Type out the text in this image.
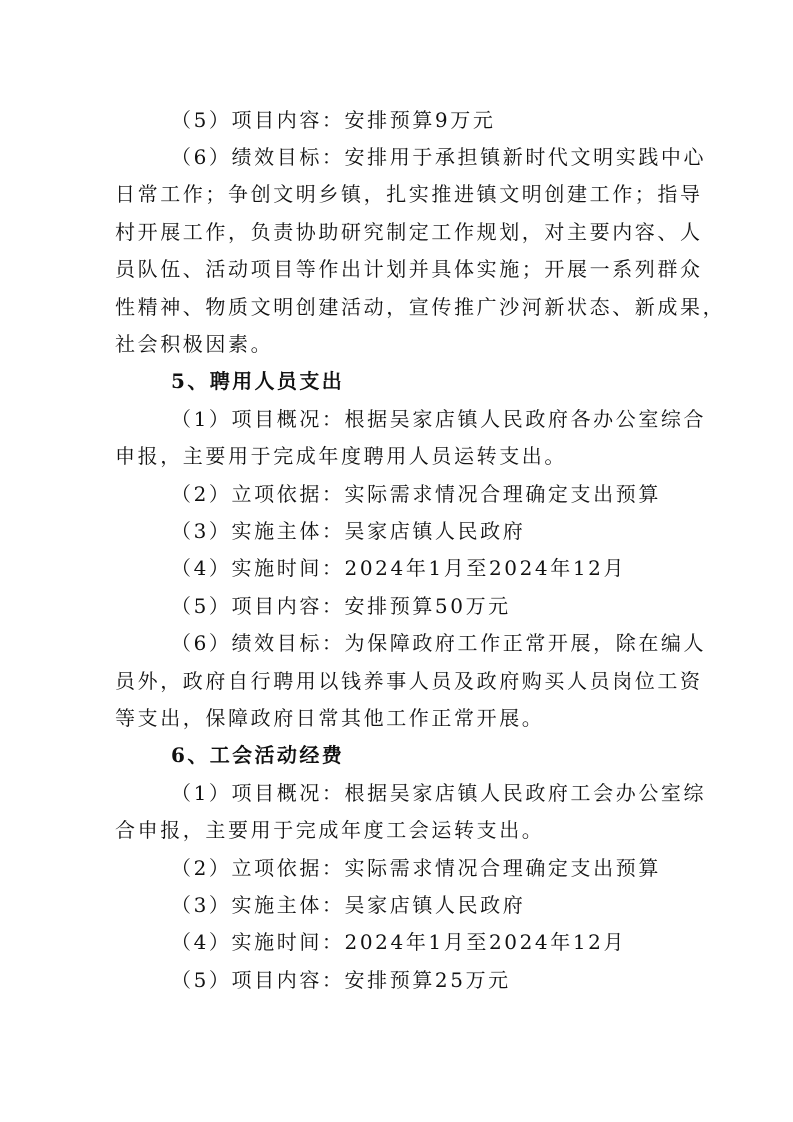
（5）项目内容：安排预算9万元
（6）绩效目标：安排用于承担镇新时代文明实践中心
日常工作；争创文明乡镇，扎实推进镇文明创建工作；指导
村开展工作，负责协助研究制定工作规划，对主要内容、人
员队伍、活动项目等作出计划并具体实施；开展一系列群众
性精神、物质文明创建活动，宣传推广沙河新状态、新成果，
社会积极因素。
5、聘用人员支出
（1）项目概况：根据吴家店镇人民政府各办公室综合
申报，主要用于完成年度聘用人员运转支出。
（2）立项依据：实际需求情况合理确定支出预算
（3）实施主体：吴家店镇人民政府
（4）实施时间：2024年1月至2024年12月
（5）项目内容：安排预算50万元
（6）绩效目标：为保障政府工作正常开展，除在编人
员外，政府自行聘用以钱养事人员及政府购买人员岗位工资
等支出，保障政府日常其他工作正常开展。
6、工会活动经费
（1）项目概况：根据吴家店镇人民政府工会办公室综
合申报，主要用于完成年度工会运转支出。
（2）立项依据：实际需求情况合理确定支出预算
（3）实施主体：吴家店镇人民政府
（4）实施时间：2024年1月至2024年12月
（5）项目内容：安排预算25万元
